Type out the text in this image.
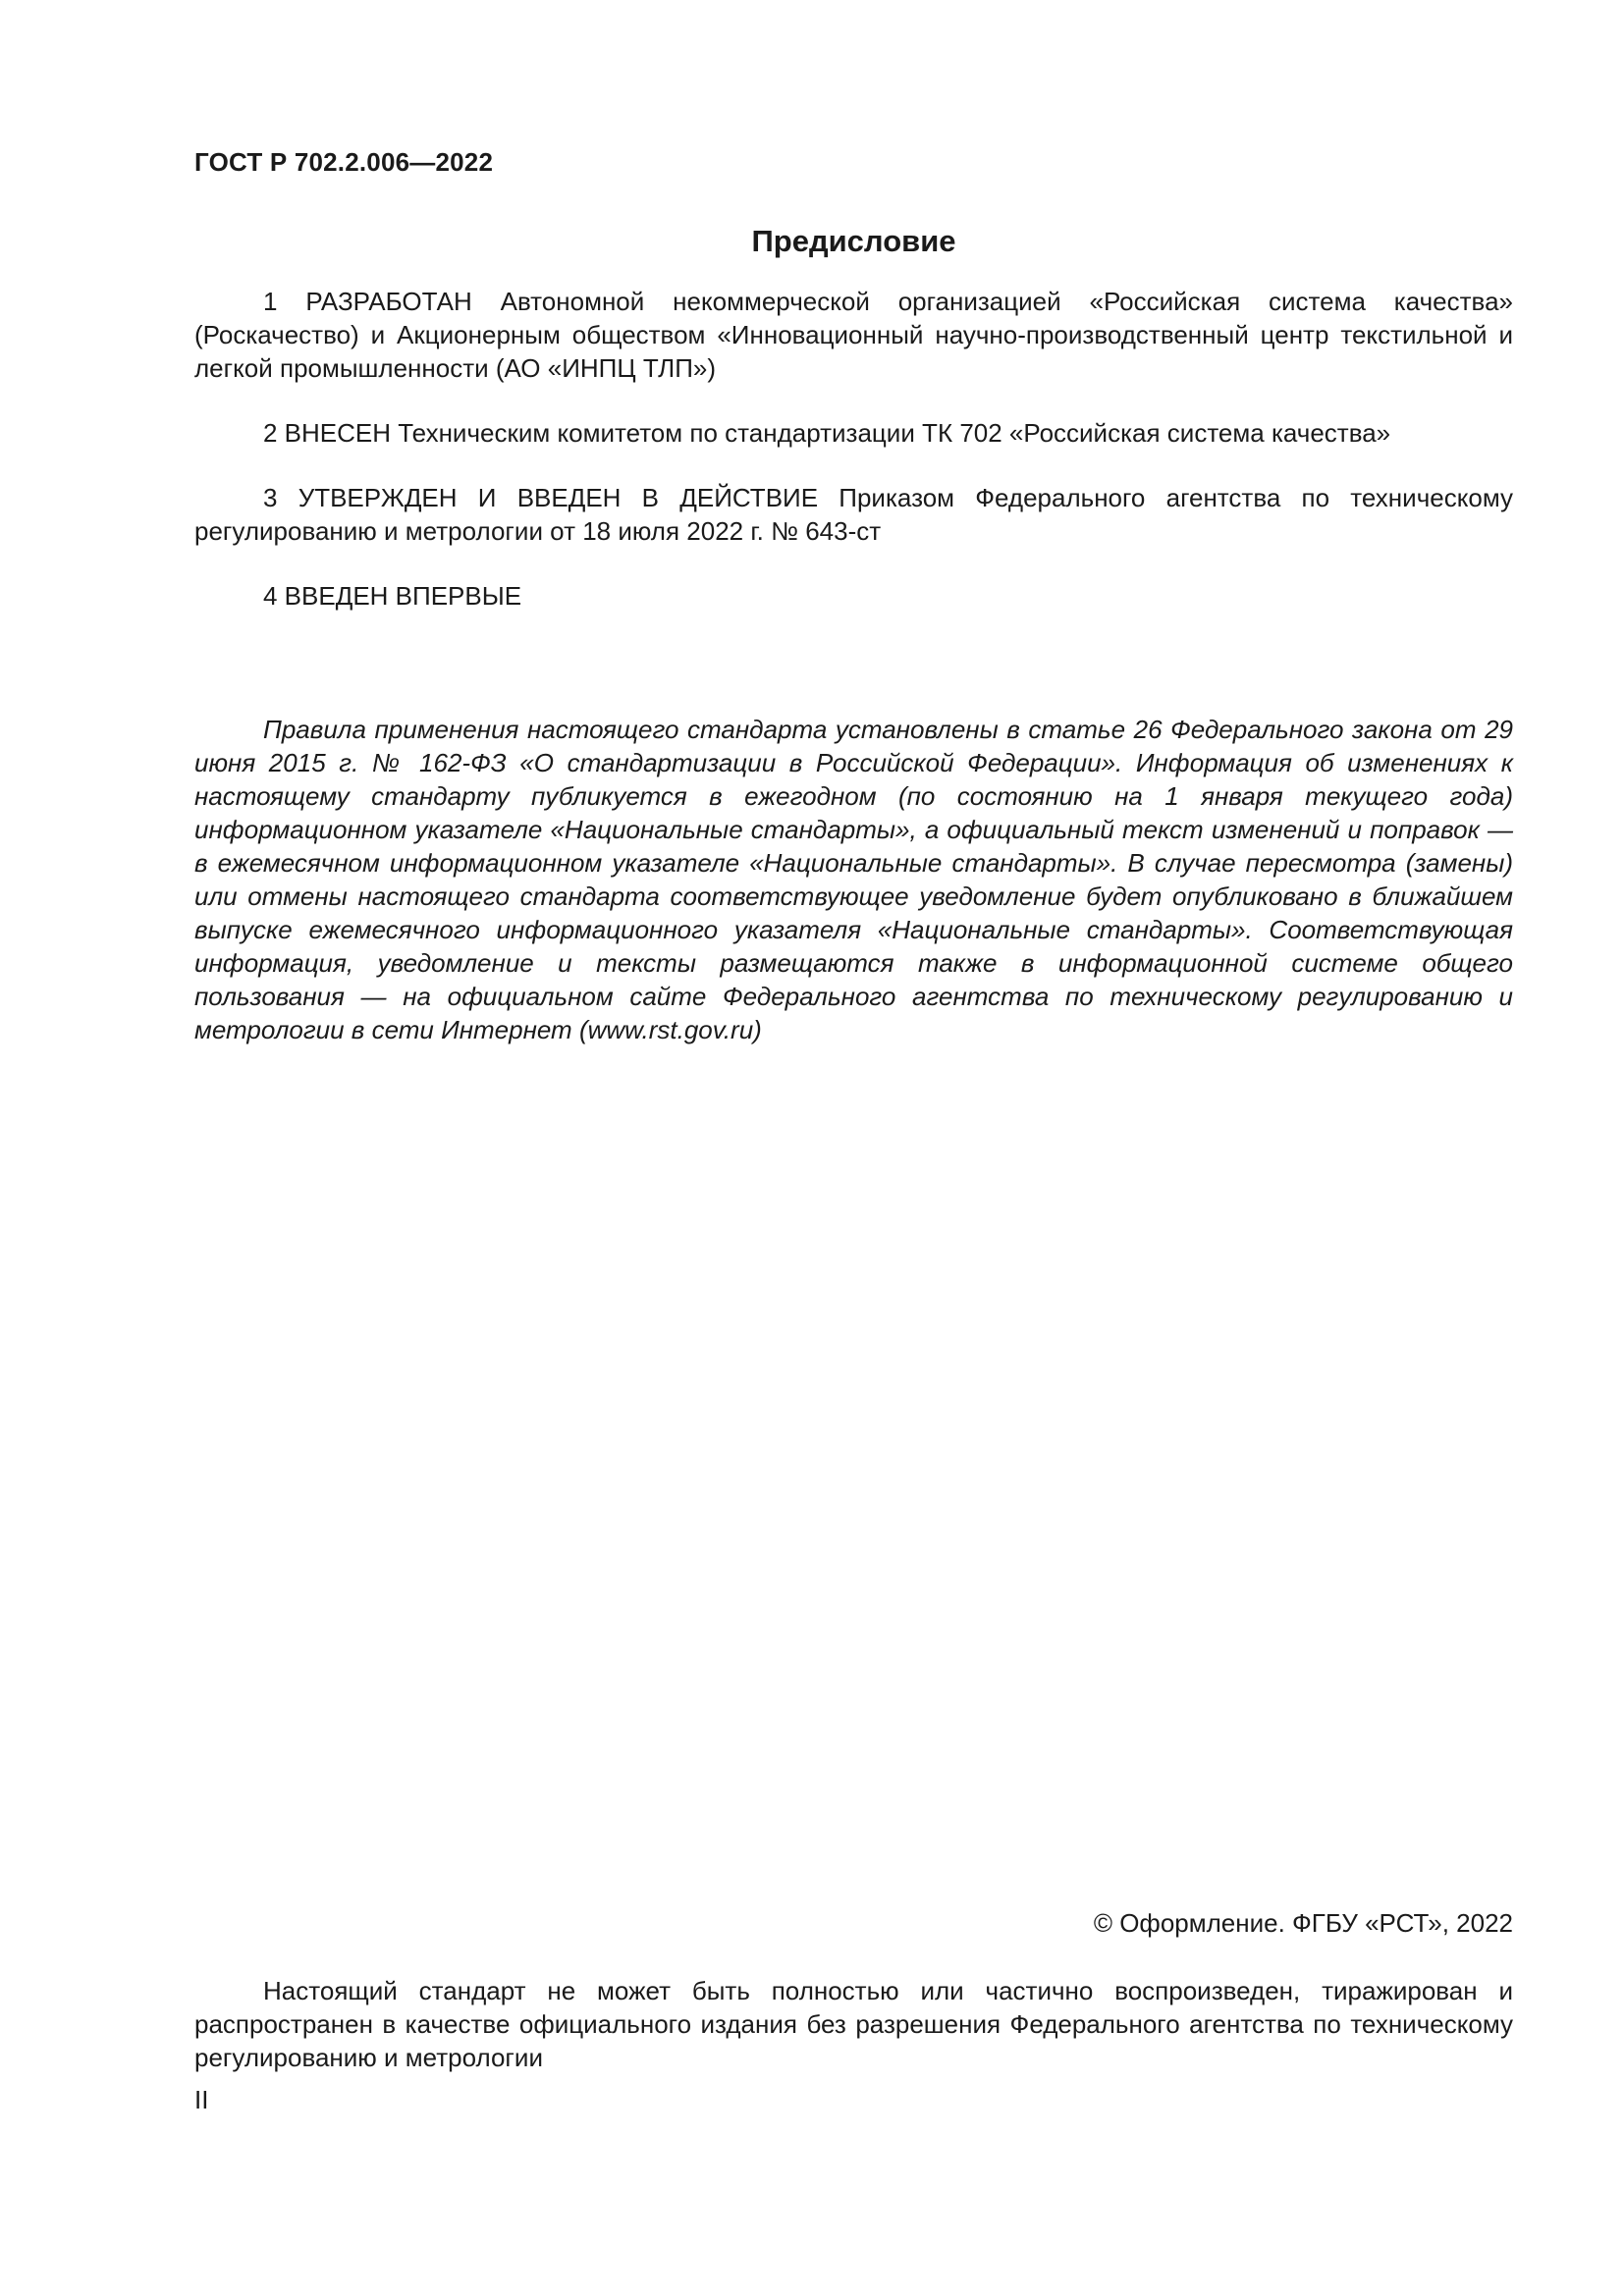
ГОСТ Р 702.2.006—2022
Предисловие

1 РАЗРАБОТАН Автономной некоммерческой организацией «Российская система качества» (Роскачество) и Акционерным обществом «Инновационный научно-производственный центр текстильной и легкой промышленности (АО «ИНПЦ ТЛП»)

2 ВНЕСЕН Техническим комитетом по стандартизации ТК 702 «Российская система качества»

3 УТВЕРЖДЕН И ВВЕДЕН В ДЕЙСТВИЕ Приказом Федерального агентства по техническому регулированию и метрологии от 18 июля 2022 г. № 643-ст

4 ВВЕДЕН ВПЕРВЫЕ

Правила применения настоящего стандарта установлены в статье 26 Федерального закона от 29 июня 2015 г. № 162-ФЗ «О стандартизации в Российской Федерации». Информация об изменениях к настоящему стандарту публикуется в ежегодном (по состоянию на 1 января текущего года) информационном указателе «Национальные стандарты», а официальный текст изменений и поправок — в ежемесячном информационном указателе «Национальные стандарты». В случае пересмотра (замены) или отмены настоящего стандарта соответствующее уведомление будет опубликовано в ближайшем выпуске ежемесячного информационного указателя «Национальные стандарты». Соответствующая информация, уведомление и тексты размещаются также в информационной системе общего пользования — на официальном сайте Федерального агентства по техническому регулированию и метрологии в сети Интернет (www.rst.gov.ru)

© Оформление. ФГБУ «РСТ», 2022

Настоящий стандарт не может быть полностью или частично воспроизведен, тиражирован и распространен в качестве официального издания без разрешения Федерального агентства по техническому регулированию и метрологии

II
